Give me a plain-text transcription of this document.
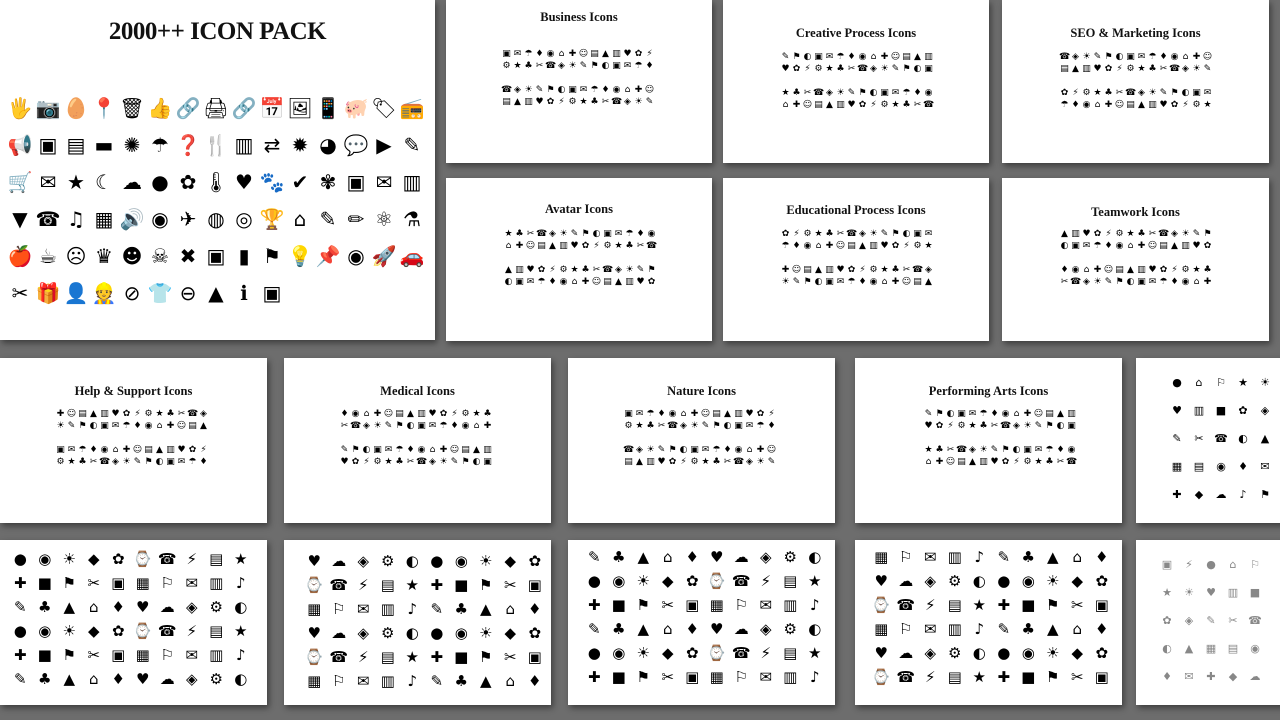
2000++ ICON PACK
🖐 📷 🥚 📍 🗑 👍 🔗 🖨 🔗 📅 🖼 📱 🐖 🏷 📻
📢 ▣ ▤ ▬ ✺ ☂ ❓ 🍴 ▥ ⇄ ✹ ◕ 💬 ▶ ✎
🛒 ✉ ★ ☾ ☁ ● ✿ 🌡 ♥ 🐾 ✔ ✾ ▣ ✉ ▥
▼ ☎ ♫ ▦ 🔊 ◉ ✈ ◍ ◎ 🏆 ⌂ ✎ ✏ ⚛ ⚗
🍎 ☕ ☹ ♛ ☻ ☠ ✖ ▣ ▮ ⚑ 💡 📌 ◉ 🚀 🚗
✂ 🎁 👤 👷 ⊘ 👕 ⊖ ▲ ℹ ▣
Business Icons
▣ ✉ ☂ ♦ ◉ ⌂ ✚ ☺ ▤ ▲ ▥ ♥ ✿ ⚡
⚙ ★ ♣ ✂ ☎ ◈ ☀ ✎ ⚑ ◐ ▣ ✉ ☂ ♦
☎ ◈ ☀ ✎ ⚑ ◐ ▣ ✉ ☂ ♦ ◉ ⌂ ✚ ☺
▤ ▲ ▥ ♥ ✿ ⚡ ⚙ ★ ♣ ✂ ☎ ◈ ☀ ✎
Creative Process Icons
✎ ⚑ ◐ ▣ ✉ ☂ ♦ ◉ ⌂ ✚ ☺ ▤ ▲ ▥
♥ ✿ ⚡ ⚙ ★ ♣ ✂ ☎ ◈ ☀ ✎ ⚑ ◐ ▣
★ ♣ ✂ ☎ ◈ ☀ ✎ ⚑ ◐ ▣ ✉ ☂ ♦ ◉
⌂ ✚ ☺ ▤ ▲ ▥ ♥ ✿ ⚡ ⚙ ★ ♣ ✂ ☎
SEO & Marketing Icons
☎ ◈ ☀ ✎ ⚑ ◐ ▣ ✉ ☂ ♦ ◉ ⌂ ✚ ☺
▤ ▲ ▥ ♥ ✿ ⚡ ⚙ ★ ♣ ✂ ☎ ◈ ☀ ✎
✿ ⚡ ⚙ ★ ♣ ✂ ☎ ◈ ☀ ✎ ⚑ ◐ ▣ ✉
☂ ♦ ◉ ⌂ ✚ ☺ ▤ ▲ ▥ ♥ ✿ ⚡ ⚙ ★
Avatar Icons
★ ♣ ✂ ☎ ◈ ☀ ✎ ⚑ ◐ ▣ ✉ ☂ ♦ ◉
⌂ ✚ ☺ ▤ ▲ ▥ ♥ ✿ ⚡ ⚙ ★ ♣ ✂ ☎
▲ ▥ ♥ ✿ ⚡ ⚙ ★ ♣ ✂ ☎ ◈ ☀ ✎ ⚑
◐ ▣ ✉ ☂ ♦ ◉ ⌂ ✚ ☺ ▤ ▲ ▥ ♥ ✿
Educational Process Icons
✿ ⚡ ⚙ ★ ♣ ✂ ☎ ◈ ☀ ✎ ⚑ ◐ ▣ ✉
☂ ♦ ◉ ⌂ ✚ ☺ ▤ ▲ ▥ ♥ ✿ ⚡ ⚙ ★
✚ ☺ ▤ ▲ ▥ ♥ ✿ ⚡ ⚙ ★ ♣ ✂ ☎ ◈
☀ ✎ ⚑ ◐ ▣ ✉ ☂ ♦ ◉ ⌂ ✚ ☺ ▤ ▲
Teamwork Icons
▲ ▥ ♥ ✿ ⚡ ⚙ ★ ♣ ✂ ☎ ◈ ☀ ✎ ⚑
◐ ▣ ✉ ☂ ♦ ◉ ⌂ ✚ ☺ ▤ ▲ ▥ ♥ ✿
♦ ◉ ⌂ ✚ ☺ ▤ ▲ ▥ ♥ ✿ ⚡ ⚙ ★ ♣
✂ ☎ ◈ ☀ ✎ ⚑ ◐ ▣ ✉ ☂ ♦ ◉ ⌂ ✚
Help & Support Icons
✚ ☺ ▤ ▲ ▥ ♥ ✿ ⚡ ⚙ ★ ♣ ✂ ☎ ◈
☀ ✎ ⚑ ◐ ▣ ✉ ☂ ♦ ◉ ⌂ ✚ ☺ ▤ ▲
▣ ✉ ☂ ♦ ◉ ⌂ ✚ ☺ ▤ ▲ ▥ ♥ ✿ ⚡
⚙ ★ ♣ ✂ ☎ ◈ ☀ ✎ ⚑ ◐ ▣ ✉ ☂ ♦
Medical Icons
♦ ◉ ⌂ ✚ ☺ ▤ ▲ ▥ ♥ ✿ ⚡ ⚙ ★ ♣
✂ ☎ ◈ ☀ ✎ ⚑ ◐ ▣ ✉ ☂ ♦ ◉ ⌂ ✚
✎ ⚑ ◐ ▣ ✉ ☂ ♦ ◉ ⌂ ✚ ☺ ▤ ▲ ▥
♥ ✿ ⚡ ⚙ ★ ♣ ✂ ☎ ◈ ☀ ✎ ⚑ ◐ ▣
Nature Icons
▣ ✉ ☂ ♦ ◉ ⌂ ✚ ☺ ▤ ▲ ▥ ♥ ✿ ⚡
⚙ ★ ♣ ✂ ☎ ◈ ☀ ✎ ⚑ ◐ ▣ ✉ ☂ ♦
☎ ◈ ☀ ✎ ⚑ ◐ ▣ ✉ ☂ ♦ ◉ ⌂ ✚ ☺
▤ ▲ ▥ ♥ ✿ ⚡ ⚙ ★ ♣ ✂ ☎ ◈ ☀ ✎
Performing Arts Icons
✎ ⚑ ◐ ▣ ✉ ☂ ♦ ◉ ⌂ ✚ ☺ ▤ ▲ ▥
♥ ✿ ⚡ ⚙ ★ ♣ ✂ ☎ ◈ ☀ ✎ ⚑ ◐ ▣
★ ♣ ✂ ☎ ◈ ☀ ✎ ⚑ ◐ ▣ ✉ ☂ ♦ ◉
⌂ ✚ ☺ ▤ ▲ ▥ ♥ ✿ ⚡ ⚙ ★ ♣ ✂ ☎
●	⌂	⚐	★	☀
♥	▥	■	✿	◈
✎	✂ ☎ ◐	▲
▦	▤	◉	♦	✉
✚	◆	☁	♪	⚑
● ◉ ☀ ◆ ✿ ⌚ ☎ ⚡ ▤ ★
✚ ■ ⚑ ✂ ▣ ▦ ⚐ ✉ ▥ ♪
✎ ♣ ▲ ⌂ ♦ ♥ ☁ ◈ ⚙ ◐
● ◉ ☀ ◆ ✿ ⌚ ☎ ⚡ ▤ ★
✚ ■ ⚑ ✂ ▣ ▦ ⚐ ✉ ▥ ♪
✎ ♣ ▲ ⌂ ♦ ♥ ☁ ◈ ⚙ ◐
♥ ☁ ◈ ⚙ ◐ ● ◉ ☀ ◆ ✿
⌚ ☎ ⚡ ▤ ★ ✚ ■ ⚑ ✂ ▣
▦ ⚐ ✉ ▥ ♪ ✎ ♣ ▲ ⌂ ♦
♥ ☁ ◈ ⚙ ◐ ● ◉ ☀ ◆ ✿
⌚ ☎ ⚡ ▤ ★ ✚ ■ ⚑ ✂ ▣
▦ ⚐ ✉ ▥ ♪ ✎ ♣ ▲ ⌂ ♦
✎ ♣ ▲ ⌂ ♦ ♥ ☁ ◈ ⚙ ◐
● ◉ ☀ ◆ ✿ ⌚ ☎ ⚡ ▤ ★
✚ ■ ⚑ ✂ ▣ ▦ ⚐ ✉ ▥ ♪
✎ ♣ ▲ ⌂ ♦ ♥ ☁ ◈ ⚙ ◐
● ◉ ☀ ◆ ✿ ⌚ ☎ ⚡ ▤ ★
✚ ■ ⚑ ✂ ▣ ▦ ⚐ ✉ ▥ ♪
▦ ⚐ ✉ ▥ ♪ ✎ ♣ ▲ ⌂ ♦
♥ ☁ ◈ ⚙ ◐ ● ◉ ☀ ◆ ✿
⌚ ☎ ⚡ ▤ ★ ✚ ■ ⚑ ✂ ▣
▦ ⚐ ✉ ▥ ♪ ✎ ♣ ▲ ⌂ ♦
♥ ☁ ◈ ⚙ ◐ ● ◉ ☀ ◆ ✿
⌚ ☎ ⚡ ▤ ★ ✚ ■ ⚑ ✂ ▣
▣	⚡	●	⌂	⚐
★	☀	♥	▥	■
✿	◈	✎	✂ ☎
◐	▲	▦	▤	◉
♦	✉	✚	◆	☁
